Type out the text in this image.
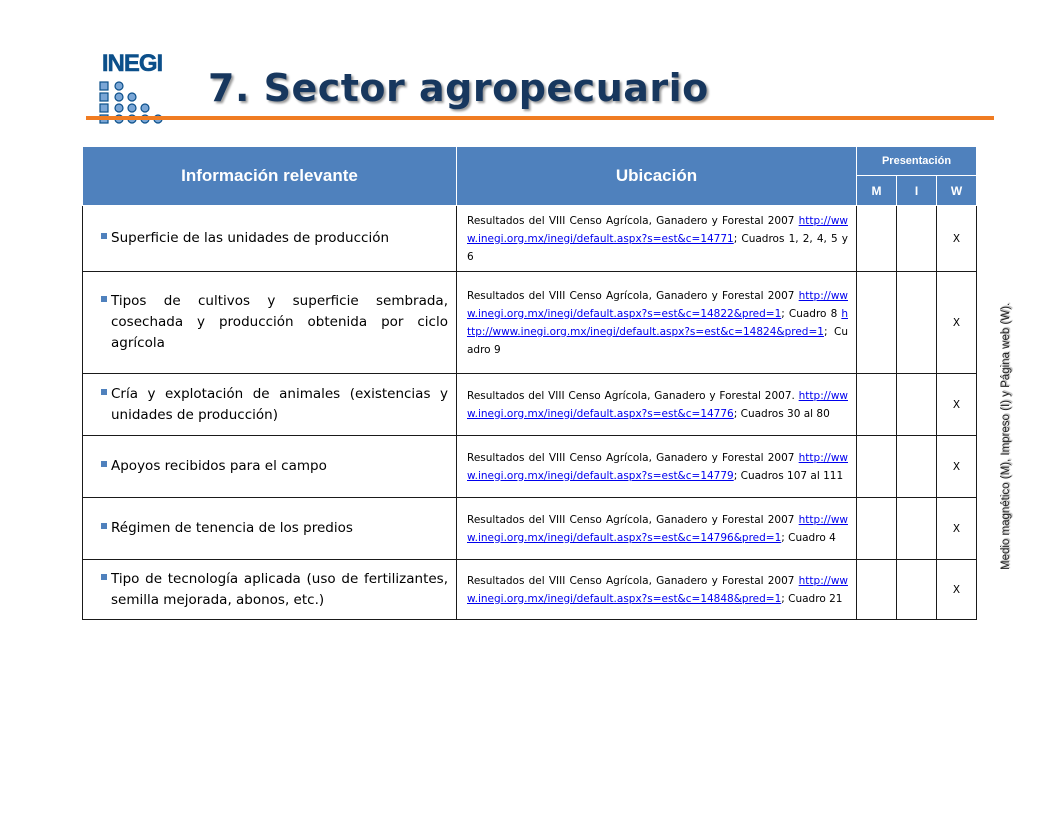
INEGI
7. Sector agropecuario
Información relevante	Ubicación	Presentación		
		M	I	W

Superficie de las unidades de producción	Resultados del VIII Censo Agrícola, Ganadero y Forestal 2007 http://www.inegi.org.mx/inegi/default.aspx?s=est&c=14771; Cuadros 1, 2, 4, 5 y 6			X

Tipos de cultivos y superficie sembrada, cosechada y producción obtenida por ciclo agrícola	Resultados del VIII Censo Agrícola, Ganadero y Forestal 2007 http://www.inegi.org.mx/inegi/default.aspx?s=est&c=14822&pred=1; Cuadro 8 http://www.inegi.org.mx/inegi/default.aspx?s=est&c=14824&pred=1; Cuadro 9			X

Cría y explotación de animales (existencias y unidades de producción)	Resultados del VIII Censo Agrícola, Ganadero y Forestal 2007. http://www.inegi.org.mx/inegi/default.aspx?s=est&c=14776; Cuadros 30 al 80			X

Apoyos recibidos para el campo	Resultados del VIII Censo Agrícola, Ganadero y Forestal 2007 http://www.inegi.org.mx/inegi/default.aspx?s=est&c=14779; Cuadros 107 al 111			X

Régimen de tenencia de los predios	Resultados del VIII Censo Agrícola, Ganadero y Forestal 2007 http://www.inegi.org.mx/inegi/default.aspx?s=est&c=14796&pred=1; Cuadro 4			X

Tipo de tecnología aplicada (uso de fertilizantes, semilla mejorada, abonos, etc.)	Resultados del VIII Censo Agrícola, Ganadero y Forestal 2007 http://www.inegi.org.mx/inegi/default.aspx?s=est&c=14848&pred=1; Cuadro 21			X
Medio magnético (M), Impreso (I) y Página web (W).
